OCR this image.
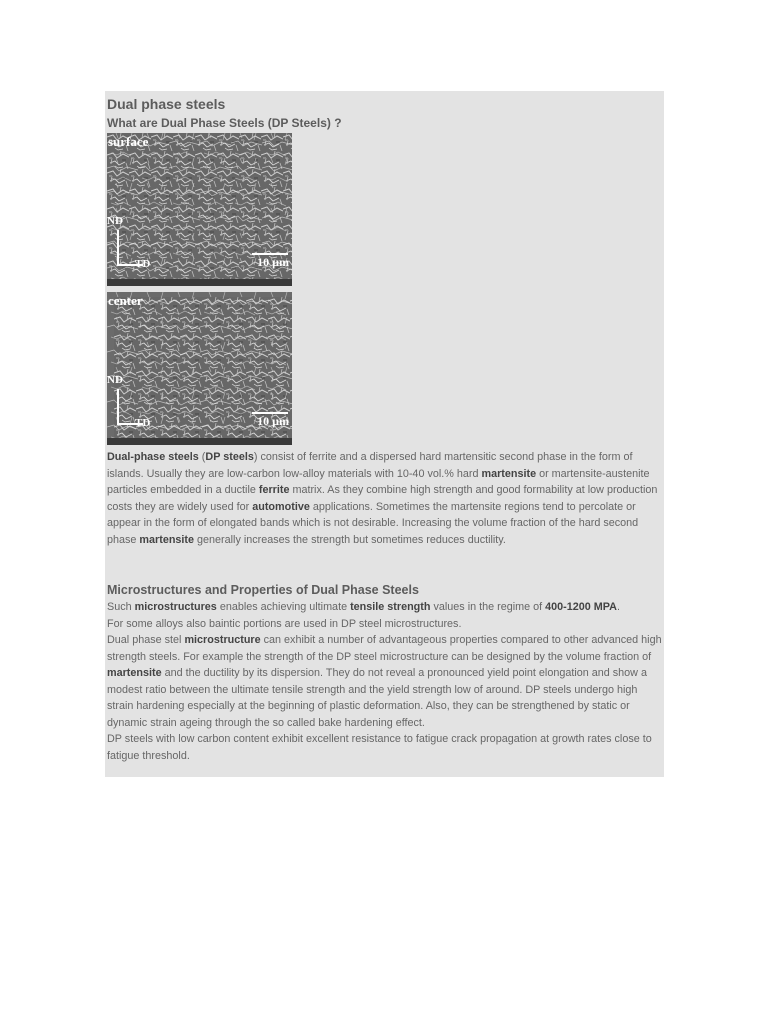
Dual phase steels
What are Dual Phase Steels (DP Steels) ?
surface
ND
TD	10 µm
center
ND
TD	10 µm

Dual-phase steels (DP steels) consist of ferrite and a dispersed hard martensitic second phase in the form of islands. Usually they are low-carbon low-alloy materials with 10-40 vol.% hard martensite or martensite-austenite particles embedded in a ductile ferrite matrix. As they combine high strength and good formability at low production costs they are widely used for automotive applications. Sometimes the martensite regions tend to percolate or appear in the form of elongated bands which is not desirable. Increasing the volume fraction of the hard second phase martensite generally increases the strength but sometimes reduces ductility.

Microstructures and Properties of Dual Phase Steels

Such microstructures enables achieving ultimate tensile strength values in the regime of 400-1200 MPA.
For some alloys also baintic portions are used in DP steel microstructures.
Dual phase stel microstructure can exhibit a number of advantageous properties compared to other advanced high strength steels. For example the strength of the DP steel microstructure can be designed by the volume fraction of martensite and the ductility by its dispersion. They do not reveal a pronounced yield point elongation and show a modest ratio between the ultimate tensile strength and the yield strength low of around. DP steels undergo high strain hardening especially at the beginning of plastic deformation. Also, they can be strengthened by static or dynamic strain ageing through the so called bake hardening effect.
DP steels with low carbon content exhibit excellent resistance to fatigue crack propagation at growth rates close to fatigue threshold.
